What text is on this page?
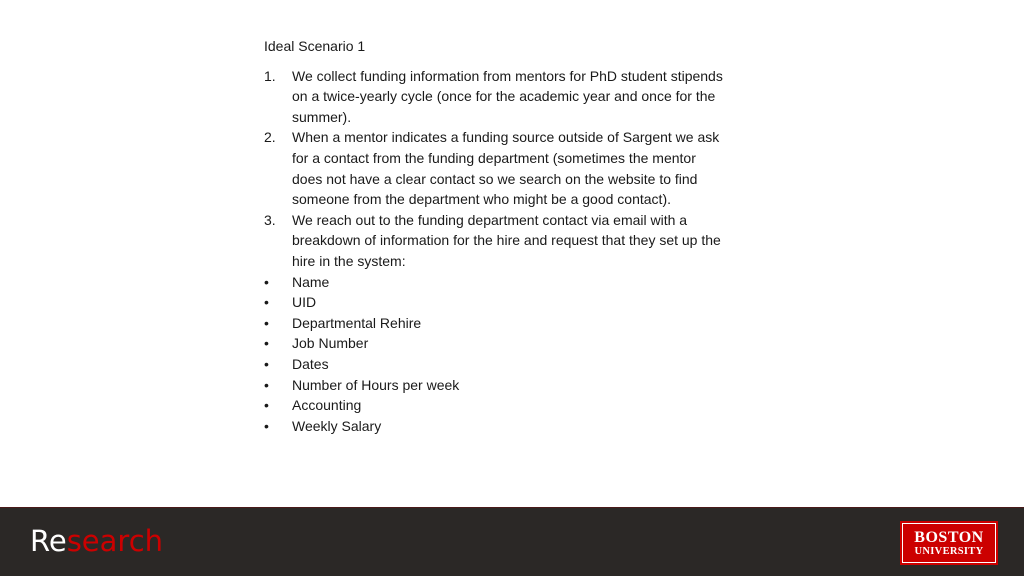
Ideal Scenario 1
1.	We collect funding information from mentors for PhD student stipends
on a twice-yearly cycle (once for the academic year and once for the
summer).
2.	When a mentor indicates a funding source outside of Sargent we ask
for a contact from the funding department (sometimes the mentor
does not have a clear contact so we search on the website to find
someone from the department who might be a good contact).
3.	We reach out to the funding department contact via email with a
breakdown of information for the hire and request that they set up the
hire in the system:
•	Name
•	UID
•	Departmental Rehire
•	Job Number
•	Dates
•	Number of Hours per week
•	Accounting
•	Weekly Salary
Research	BOSTON
UNIVERSITY
